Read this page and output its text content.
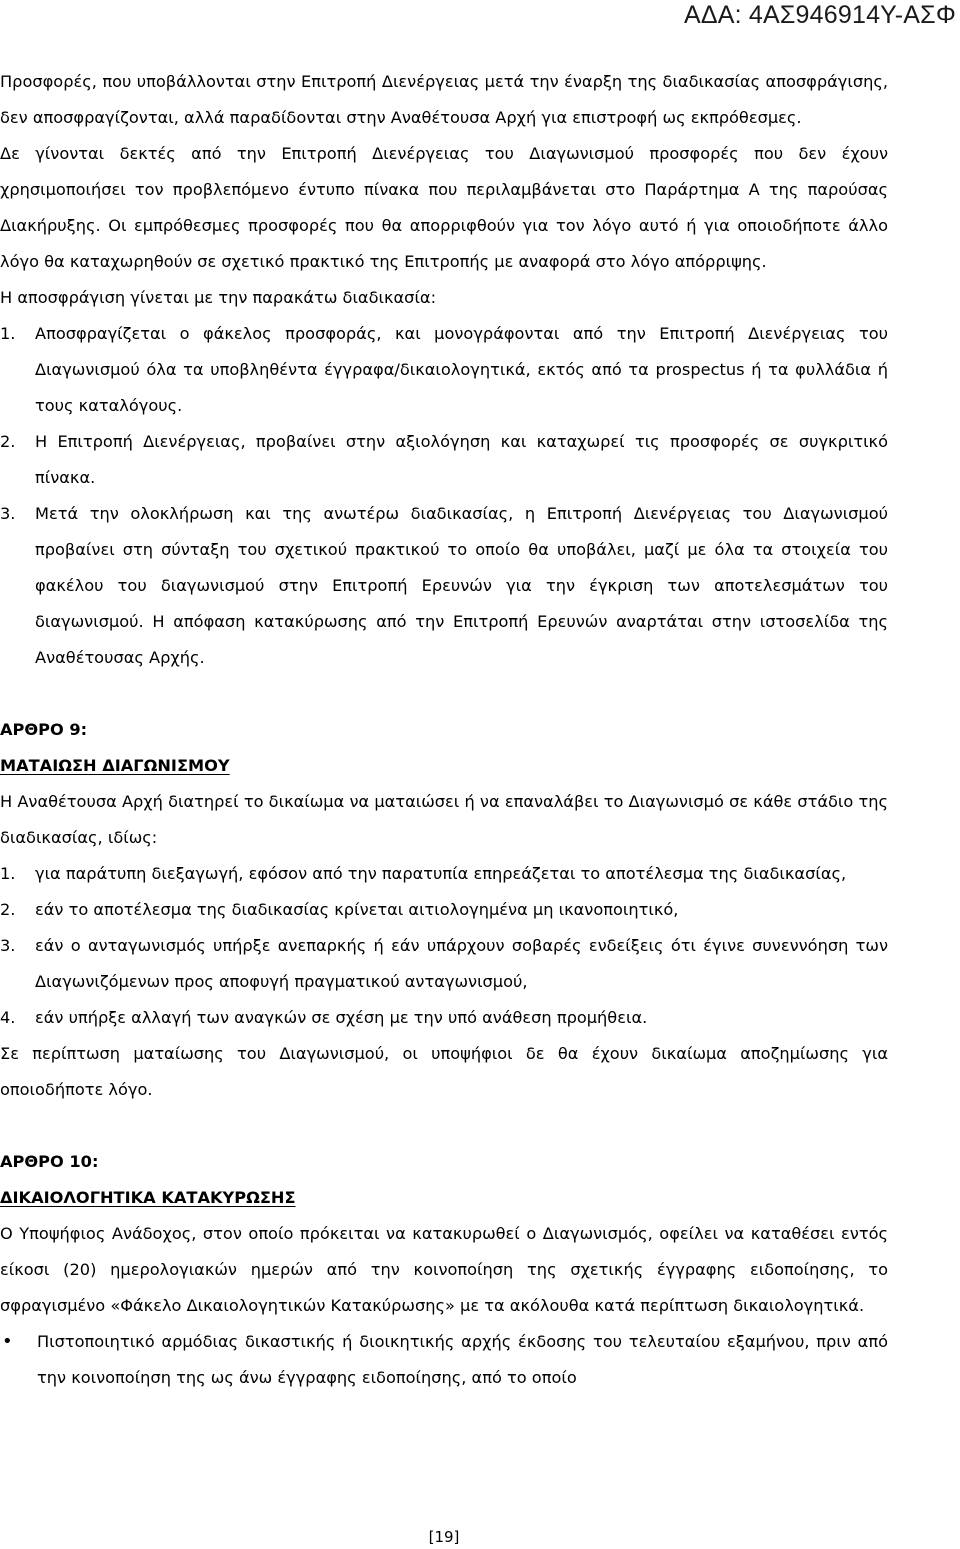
ΑΔΑ: 4ΑΣ946914Υ-ΑΣΦ

Προσφορές, που υποβάλλονται στην Επιτροπή Διενέργειας μετά την έναρξη της διαδικασίας αποσφράγισης, δεν αποσφραγίζονται, αλλά παραδίδονται στην Αναθέτουσα Αρχή για επιστροφή ως εκπρόθεσμες.

Δε γίνονται δεκτές από την Επιτροπή Διενέργειας του Διαγωνισμού προσφορές που δεν έχουν χρησιμοποιήσει τον προβλεπόμενο έντυπο πίνακα που περιλαμβάνεται στο Παράρτημα Α της παρούσας Διακήρυξης. Οι εμπρόθεσμες προσφορές που θα απορριφθούν για τον λόγο αυτό ή για οποιοδήποτε άλλο λόγο θα καταχωρηθούν σε σχετικό πρακτικό της Επιτροπής με αναφορά στο λόγο απόρριψης.

Η αποσφράγιση γίνεται με την παρακάτω διαδικασία:

1.	Αποσφραγίζεται ο φάκελος προσφοράς, και μονογράφονται από την Επιτροπή Διενέργειας του Διαγωνισμού όλα τα υποβληθέντα έγγραφα/δικαιολογητικά, εκτός από τα prospectus ή τα φυλλάδια ή τους καταλόγους.
2.	Η Επιτροπή Διενέργειας, προβαίνει στην αξιολόγηση και καταχωρεί τις προσφορές σε συγκριτικό πίνακα.
3.	Μετά την ολοκλήρωση και της ανωτέρω διαδικασίας, η Επιτροπή Διενέργειας του Διαγωνισμού προβαίνει στη σύνταξη του σχετικού πρακτικού το οποίο θα υποβάλει, μαζί με όλα τα στοιχεία του φακέλου του διαγωνισμού στην Επιτροπή Ερευνών για την έγκριση των αποτελεσμάτων του διαγωνισμού. Η απόφαση κατακύρωσης από την Επιτροπή Ερευνών αναρτάται στην ιστοσελίδα της Αναθέτουσας Αρχής.
ΑΡΘΡΟ 9:
ΜΑΤΑΙΩΣΗ ΔΙΑΓΩΝΙΣΜΟΥ

Η Αναθέτουσα Αρχή διατηρεί το δικαίωμα να ματαιώσει ή να επαναλάβει το Διαγωνισμό σε κάθε στάδιο της διαδικασίας, ιδίως:

1.	για παράτυπη διεξαγωγή, εφόσον από την παρατυπία επηρεάζεται το αποτέλεσμα της διαδικασίας,
2.	εάν το αποτέλεσμα της διαδικασίας κρίνεται αιτιολογημένα μη ικανοποιητικό,
3.	εάν ο ανταγωνισμός υπήρξε ανεπαρκής ή εάν υπάρχουν σοβαρές ενδείξεις ότι έγινε συνεννόηση των Διαγωνιζόμενων προς αποφυγή πραγματικού ανταγωνισμού,
4.	εάν υπήρξε αλλαγή των αναγκών σε σχέση με την υπό ανάθεση προμήθεια.

Σε περίπτωση ματαίωσης του Διαγωνισμού, οι υποψήφιοι δε θα έχουν δικαίωμα αποζημίωσης για οποιοδήποτε λόγο.

ΑΡΘΡΟ 10:
ΔΙΚΑΙΟΛΟΓΗΤΙΚΑ ΚΑΤΑΚΥΡΩΣΗΣ

Ο Υποψήφιος Ανάδοχος, στον οποίο πρόκειται να κατακυρωθεί ο Διαγωνισμός, οφείλει να καταθέσει εντός είκοσι (20) ημερολογιακών ημερών από την κοινοποίηση της σχετικής έγγραφης ειδοποίησης, το σφραγισμένο «Φάκελο Δικαιολογητικών Κατακύρωσης» με τα ακόλουθα κατά περίπτωση δικαιολογητικά.

•	Πιστοποιητικό αρμόδιας δικαστικής ή διοικητικής αρχής έκδοσης του τελευταίου εξαμήνου, πριν από την κοινοποίηση της ως άνω έγγραφης ειδοποίησης, από το οποίο
[19]
